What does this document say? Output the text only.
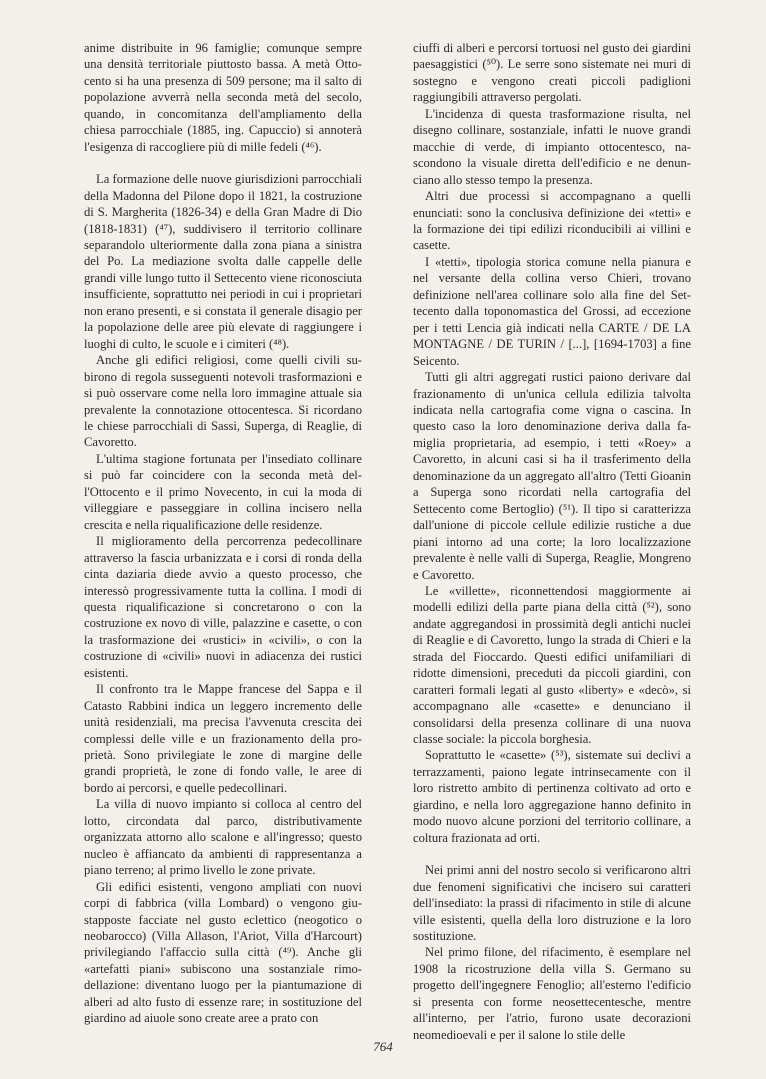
anime distribuite in 96 famiglie; comunque sempre una densità territoriale piuttosto bassa. A metà Ottocento si ha una presenza di 509 persone; ma il salto di popolazione avverrà nella seconda metà del secolo, quando, in concomitanza dell'ampliamento della chiesa parrocchiale (1885, ing. Capuccio) si annoterà l'esigenza di raccogliere più di mille fedeli (⁴⁶).

La formazione delle nuove giurisdizioni parrocchiali della Madonna del Pilone dopo il 1821, la costruzione di S. Margherita (1826-34) e della Gran Madre di Dio (1818-1831) (⁴⁷), suddivisero il territorio collinare separandolo ulteriormente dalla zona piana a sinistra del Po. La mediazione svolta dalle cappelle delle grandi ville lungo tutto il Settecento viene riconosciuta insufficiente, soprattutto nei periodi in cui i proprietari non erano presenti, e si constata il generale disagio per la popolazione delle aree più elevate di raggiungere i luoghi di culto, le scuole e i cimiteri (⁴⁸).

Anche gli edifici religiosi, come quelli civili subirono di regola susseguenti notevoli trasformazioni e si può osservare come nella loro immagine attuale sia prevalente la connotazione ottocentesca. Si ricordano le chiese parrocchiali di Sassi, Superga, di Reaglie, di Cavoretto.

L'ultima stagione fortunata per l'insediato collinare si può far coincidere con la seconda metà dell'Ottocento e il primo Novecento, in cui la moda di villeggiare e passeggiare in collina incisero nella crescita e nella riqualificazione delle residenze.

Il miglioramento della percorrenza pedecollinare attraverso la fascia urbanizzata e i corsi di ronda della cinta daziaria diede avvio a questo processo, che interessò progressivamente tutta la collina. I modi di questa riqualificazione si concretarono o con la costruzione ex novo di ville, palazzine e casette, o con la trasformazione dei «rustici» in «civili», o con la costruzione di «civili» nuovi in adiacenza dei rustici esistenti.

Il confronto tra le Mappe francese del Sappa e il Catasto Rabbini indica un leggero incremento delle unità residenziali, ma precisa l'avvenuta crescita dei complessi delle ville e un frazionamento della proprietà. Sono privilegiate le zone di margine delle grandi proprietà, le zone di fondo valle, le aree di bordo ai percorsi, e quelle pedecollinari.

La villa di nuovo impianto si colloca al centro del lotto, circondata dal parco, distributivamente organizzata attorno allo scalone e all'ingresso; questo nucleo è affiancato da ambienti di rappresentanza a piano terreno; al primo livello le zone private.

Gli edifici esistenti, vengono ampliati con nuovi corpi di fabbrica (villa Lombard) o vengono giustapposte facciate nel gusto eclettico (neogotico o neobarocco) (Villa Allason, l'Ariot, Villa d'Harcourt) privilegiando l'affaccio sulla città (⁴⁹). Anche gli «artefatti piani» subiscono una sostanziale rimodellazione: diventano luogo per la piantumazione di alberi ad alto fusto di essenze rare; in sostituzione del giardino ad aiuole sono create aree a prato con

ciuffi di alberi e percorsi tortuosi nel gusto dei giardini paesaggistici (⁵⁰). Le serre sono sistemate nei muri di sostegno e vengono creati piccoli padiglioni raggiungibili attraverso pergolati.

L'incidenza di questa trasformazione risulta, nel disegno collinare, sostanziale, infatti le nuove grandi macchie di verde, di impianto ottocentesco, nascondono la visuale diretta dell'edificio e ne denunciano allo stesso tempo la presenza.

Altri due processi si accompagnano a quelli enunciati: sono la conclusiva definizione dei «tetti» e la formazione dei tipi edilizi riconducibili ai villini e casette.

I «tetti», tipologia storica comune nella pianura e nel versante della collina verso Chieri, trovano definizione nell'area collinare solo alla fine del Settecento dalla toponomastica del Grossi, ad eccezione per i tetti Lencia già indicati nella CARTE / DE LA MONTAGNE / DE TURIN / [...], [1694-1703] a fine Seicento.

Tutti gli altri aggregati rustici paiono derivare dal frazionamento di un'unica cellula edilizia talvolta indicata nella cartografia come vigna o cascina. In questo caso la loro denominazione deriva dalla famiglia proprietaria, ad esempio, i tetti «Roey» a Cavoretto, in alcuni casi si ha il trasferimento della denominazione da un aggregato all'altro (Tetti Gioanin a Superga sono ricordati nella cartografia del Settecento come Bertoglio) (⁵¹). Il tipo si caratterizza dall'unione di piccole cellule edilizie rustiche a due piani intorno ad una corte; la loro localizzazione prevalente è nelle valli di Superga, Reaglie, Mongreno e Cavoretto.

Le «villette», riconnettendosi maggiormente ai modelli edilizi della parte piana della città (⁵²), sono andate aggregandosi in prossimità degli antichi nuclei di Reaglie e di Cavoretto, lungo la strada di Chieri e la strada del Fioccardo. Questi edifici unifamiliari di ridotte dimensioni, preceduti da piccoli giardini, con caratteri formali legati al gusto «liberty» e «decò», si accompagnano alle «casette» e denunciano il consolidarsi della presenza collinare di una nuova classe sociale: la piccola borghesia.

Soprattutto le «casette» (⁵³), sistemate sui declivi a terrazzamenti, paiono legate intrinsecamente con il loro ristretto ambito di pertinenza coltivato ad orto e giardino, e nella loro aggregazione hanno definito in modo nuovo alcune porzioni del territorio collinare, a coltura frazionata ad orti.

Nei primi anni del nostro secolo si verificarono altri due fenomeni significativi che incisero sui caratteri dell'insediato: la prassi di rifacimento in stile di alcune ville esistenti, quella della loro distruzione e la loro sostituzione.

Nel primo filone, del rifacimento, è esemplare nel 1908 la ricostruzione della villa S. Germano su progetto dell'ingegnere Fenoglio; all'esterno l'edificio si presenta con forme neosettecentesche, mentre all'interno, per l'atrio, furono usate decorazioni neomedioevali e per il salone lo stile delle

764
